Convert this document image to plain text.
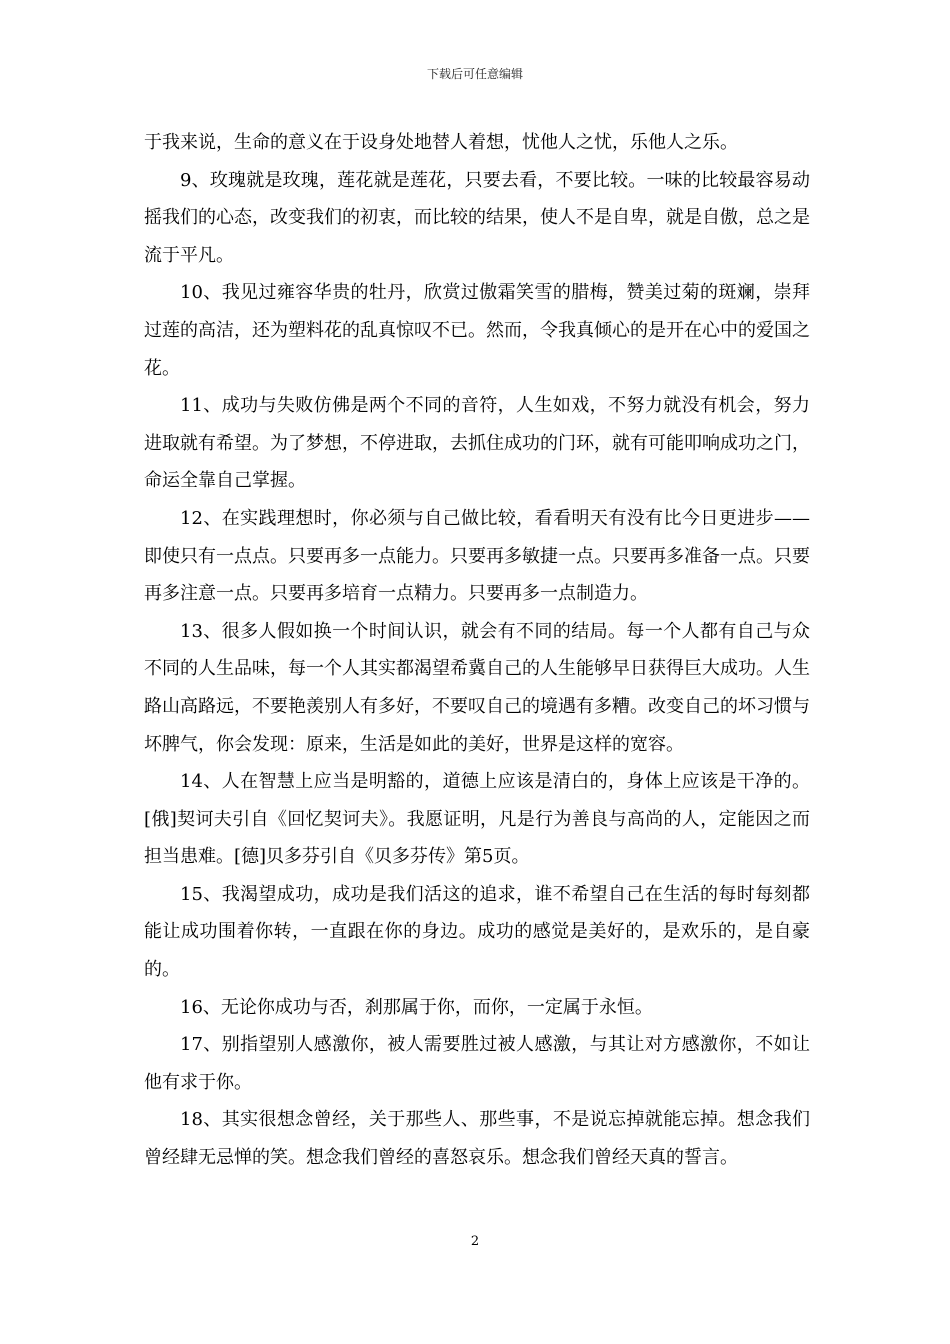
下载后可任意编辑

于我来说，生命的意义在于设身处地替人着想，忧他人之忧，乐他人之乐。

9、玫瑰就是玫瑰，莲花就是莲花，只要去看，不要比较。一味的比较最容易动摇我们的心态，改变我们的初衷，而比较的结果，使人不是自卑，就是自傲，总之是流于平凡。

10、我见过雍容华贵的牡丹，欣赏过傲霜笑雪的腊梅，赞美过菊的斑斓，崇拜过莲的高洁，还为塑料花的乱真惊叹不已。然而，令我真倾心的是开在心中的爱国之花。

11、成功与失败仿佛是两个不同的音符，人生如戏，不努力就没有机会，努力进取就有希望。为了梦想，不停进取，去抓住成功的门环，就有可能叩响成功之门，命运全靠自己掌握。

12、在实践理想时，你必须与自己做比较，看看明天有没有比今日更进步——即使只有一点点。只要再多一点能力。只要再多敏捷一点。只要再多准备一点。只要再多注意一点。只要再多培育一点精力。只要再多一点制造力。

13、很多人假如换一个时间认识，就会有不同的结局。每一个人都有自己与众不同的人生品味，每一个人其实都渴望希冀自己的人生能够早日获得巨大成功。人生路山高路远，不要艳羡别人有多好，不要叹自己的境遇有多糟。改变自己的坏习惯与坏脾气，你会发现：原来，生活是如此的美好，世界是这样的宽容。

14、人在智慧上应当是明豁的，道德上应该是清白的，身体上应该是干净的。[俄]契诃夫引自《回忆契诃夫》。我愿证明，凡是行为善良与高尚的人，定能因之而担当患难。[德]贝多芬引自《贝多芬传》第5页。

15、我渴望成功，成功是我们活这的追求，谁不希望自己在生活的每时每刻都能让成功围着你转，一直跟在你的身边。成功的感觉是美好的，是欢乐的，是自豪的。

16、无论你成功与否，刹那属于你，而你，一定属于永恒。

17、别指望别人感激你，被人需要胜过被人感激，与其让对方感激你，不如让他有求于你。

18、其实很想念曾经，关于那些人、那些事，不是说忘掉就能忘掉。想念我们曾经肆无忌惮的笑。想念我们曾经的喜怒哀乐。想念我们曾经天真的誓言。

2
